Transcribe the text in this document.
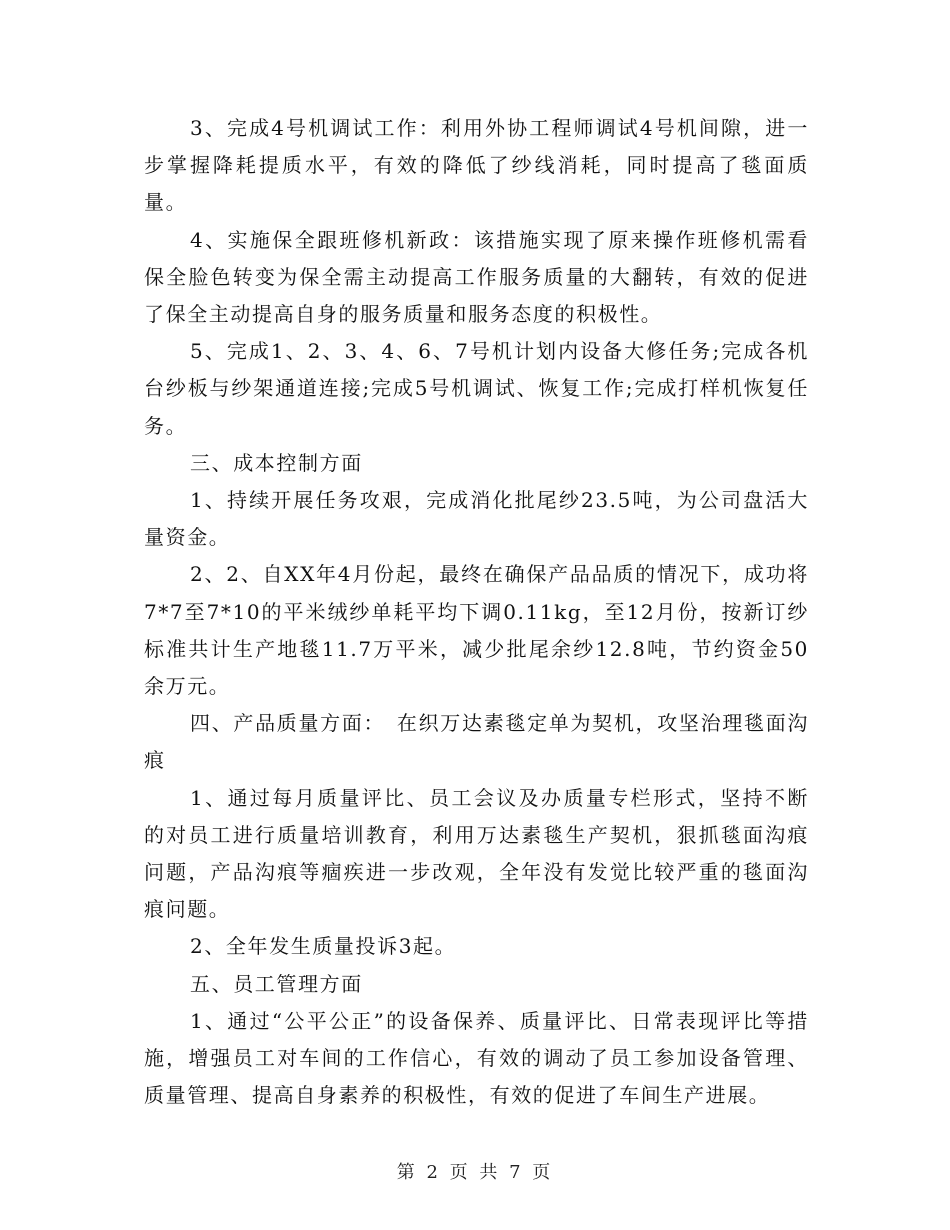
3、完成4号机调试工作：利用外协工程师调试4号机间隙，进一步掌握降耗提质水平，有效的降低了纱线消耗，同时提高了毯面质量。

4、实施保全跟班修机新政：该措施实现了原来操作班修机需看保全脸色转变为保全需主动提高工作服务质量的大翻转，有效的促进了保全主动提高自身的服务质量和服务态度的积极性。

5、完成1、2、3、4、6、7号机计划内设备大修任务;完成各机台纱板与纱架通道连接;完成5号机调试、恢复工作;完成打样机恢复任务。

三、成本控制方面

1、持续开展任务攻艰，完成消化批尾纱23.5吨，为公司盘活大量资金。

2、2、自XX年4月份起，最终在确保产品品质的情况下，成功将7*7至7*10的平米绒纱单耗平均下调0.11kg，至12月份，按新订纱标准共计生产地毯11.7万平米，减少批尾余纱12.8吨，节约资金50余万元。

四、产品质量方面：　在织万达素毯定单为契机，攻坚治理毯面沟痕

1、通过每月质量评比、员工会议及办质量专栏形式，坚持不断的对员工进行质量培训教育，利用万达素毯生产契机，狠抓毯面沟痕问题，产品沟痕等痼疾进一步改观，全年没有发觉比较严重的毯面沟痕问题。

2、全年发生质量投诉3起。

五、员工管理方面

1、通过“公平公正”的设备保养、质量评比、日常表现评比等措施，增强员工对车间的工作信心，有效的调动了员工参加设备管理、质量管理、提高自身素养的积极性，有效的促进了车间生产进展。

第 2 页 共 7 页
